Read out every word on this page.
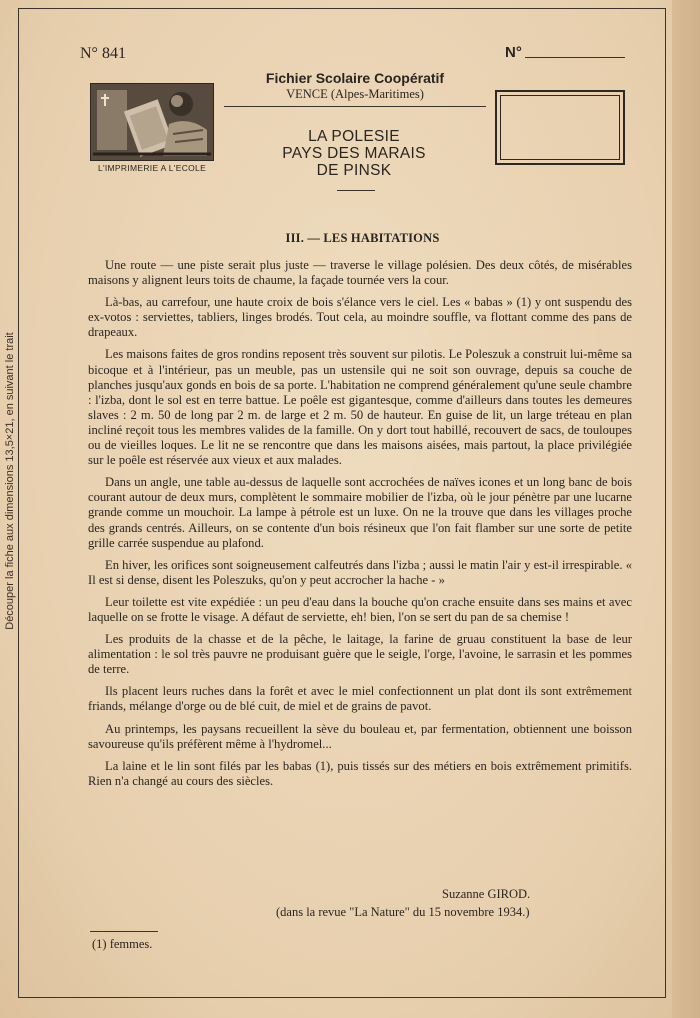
Découper la fiche aux dimensions 13,5×21, en suivant le trait
N° 841	N°
L'IMPRIMERIE A L'ECOLE
Fichier Scolaire Coopératif
VENCE (Alpes-Maritimes)
LA POLESIE
PAYS DES MARAIS
DE PINSK
III. — LES HABITATIONS

Une route — une piste serait plus juste — traverse le village polésien. Des deux côtés, de misérables maisons y alignent leurs toits de chaume, la façade tournée vers la cour.

Là-bas, au carrefour, une haute croix de bois s'élance vers le ciel. Les « babas » (1) y ont suspendu des ex-votos : serviettes, tabliers, linges brodés. Tout cela, au moindre souffle, va flottant comme des pans de drapeaux.

Les maisons faites de gros rondins reposent très souvent sur pilotis. Le Poleszuk a construit lui-même sa bicoque et à l'intérieur, pas un meuble, pas un ustensile qui ne soit son ouvrage, depuis sa couche de planches jusqu'aux gonds en bois de sa porte. L'habitation ne comprend généralement qu'une seule chambre : l'izba, dont le sol est en terre battue. Le poêle est gigantesque, comme d'ailleurs dans toutes les demeures slaves : 2 m. 50 de long par 2 m. de large et 2 m. 50 de hauteur. En guise de lit, un large tréteau en plan incliné reçoit tous les membres valides de la famille. On y dort tout habillé, recouvert de sacs, de touloupes ou de vieilles loques. Le lit ne se rencontre que dans les maisons aisées, mais partout, la place privilégiée sur le poêle est réservée aux vieux et aux malades.

Dans un angle, une table au-dessus de laquelle sont accrochées de naïves icones et un long banc de bois courant autour de deux murs, complètent le sommaire mobilier de l'izba, où le jour pénètre par une lucarne grande comme un mouchoir. La lampe à pétrole est un luxe. On ne la trouve que dans les villages proche des grands centrés. Ailleurs, on se contente d'un bois résineux que l'on fait flamber sur une sorte de petite grille carrée suspendue au plafond.

En hiver, les orifices sont soigneusement calfeutrés dans l'izba ; aussi le matin l'air y est-il irrespirable. « Il est si dense, disent les Poleszuks, qu'on y peut accrocher la hache - »

Leur toilette est vite expédiée : un peu d'eau dans la bouche qu'on crache ensuite dans ses mains et avec laquelle on se frotte le visage. A défaut de serviette, eh! bien, l'on se sert du pan de sa chemise !

Les produits de la chasse et de la pêche, le laitage, la farine de gruau constituent la base de leur alimentation : le sol très pauvre ne produisant guère que le seigle, l'orge, l'avoine, le sarrasin et les pommes de terre.

Ils placent leurs ruches dans la forêt et avec le miel confectionnent un plat dont ils sont extrêmement friands, mélange d'orge ou de blé cuit, de miel et de grains de pavot.

Au printemps, les paysans recueillent la sève du bouleau et, par fermentation, obtiennent une boisson savoureuse qu'ils préfèrent même à l'hydromel...

La laine et le lin sont filés par les babas (1), puis tissés sur des métiers en bois extrêmement primitifs. Rien n'a changé au cours des siècles.

Suzanne GIROD.
(dans la revue "La Nature" du 15 novembre 1934.)
(1) femmes.
